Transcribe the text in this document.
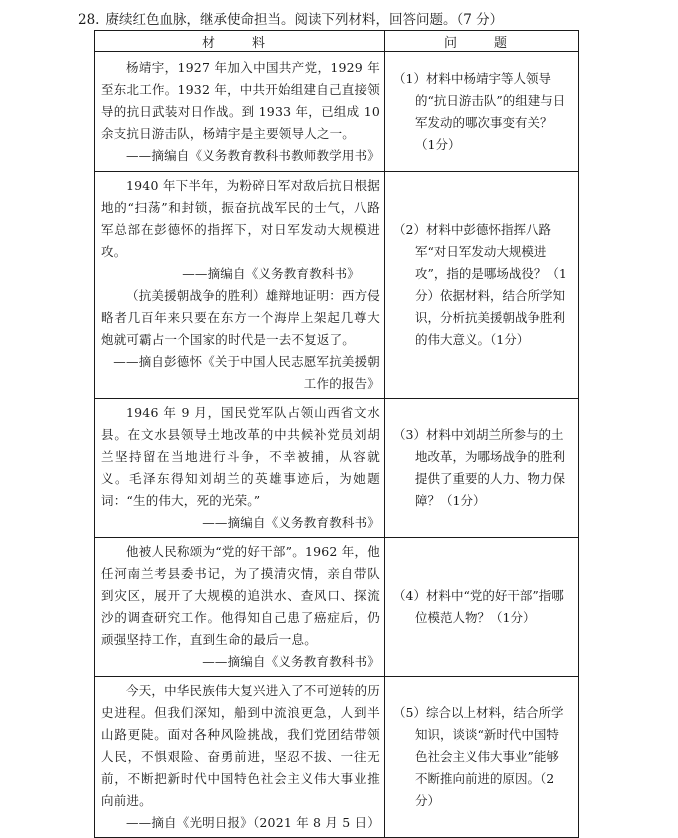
28. 赓续红色血脉，继承使命担当。阅读下列材料，回答问题。（7 分）
材　料	问　题

杨靖宇，1927 年加入中国共产党，1929 年至东北工作。1932 年，中共开始组建自己直接领导的抗日武装对日作战。到 1933 年，已组成 10 余支抗日游击队，杨靖宇是主要领导人之一。

——摘编自《义务教育教科书教师教学用书》	（1）材料中杨靖宇等人领导的“抗日游击队”的组建与日军发动的哪次事变有关？（1分）

1940 年下半年，为粉碎日军对敌后抗日根据地的“扫荡”和封锁，振奋抗战军民的士气，八路军总部在彭德怀的指挥下，对日军发动大规模进攻。

——摘编自《义务教育教科书》

（抗美援朝战争的胜利）雄辩地证明：西方侵略者几百年来只要在东方一个海岸上架起几尊大炮就可霸占一个国家的时代是一去不复返了。

——摘自彭德怀《关于中国人民志愿军抗美援朝工作的报告》	（2）材料中彭德怀指挥八路军“对日军发动大规模进攻”，指的是哪场战役？（1分）依据材料，结合所学知识，分析抗美援朝战争胜利的伟大意义。（1分）

1946 年 9 月，国民党军队占领山西省文水县。在文水县领导土地改革的中共候补党员刘胡兰坚持留在当地进行斗争，不幸被捕，从容就义。毛泽东得知刘胡兰的英雄事迹后，为她题词：“生的伟大，死的光荣。”

——摘编自《义务教育教科书》	（3）材料中刘胡兰所参与的土地改革，为哪场战争的胜利提供了重要的人力、物力保障？（1分）

他被人民称颂为“党的好干部”。1962 年，他任河南兰考县委书记，为了摸清灾情，亲自带队到灾区，展开了大规模的追洪水、查风口、探流沙的调查研究工作。他得知自己患了癌症后，仍顽强坚持工作，直到生命的最后一息。

——摘编自《义务教育教科书》	（4）材料中“党的好干部”指哪位模范人物？（1分）

今天，中华民族伟大复兴进入了不可逆转的历史进程。但我们深知，船到中流浪更急，人到半山路更陡。面对各种风险挑战，我们党团结带领人民，不惧艰险、奋勇前进，坚忍不拔、一往无前，不断把新时代中国特色社会主义伟大事业推向前进。

——摘自《光明日报》（2021 年 8 月 5 日）	（5）综合以上材料，结合所学知识，谈谈“新时代中国特色社会主义伟大事业”能够不断推向前进的原因。（2分）
